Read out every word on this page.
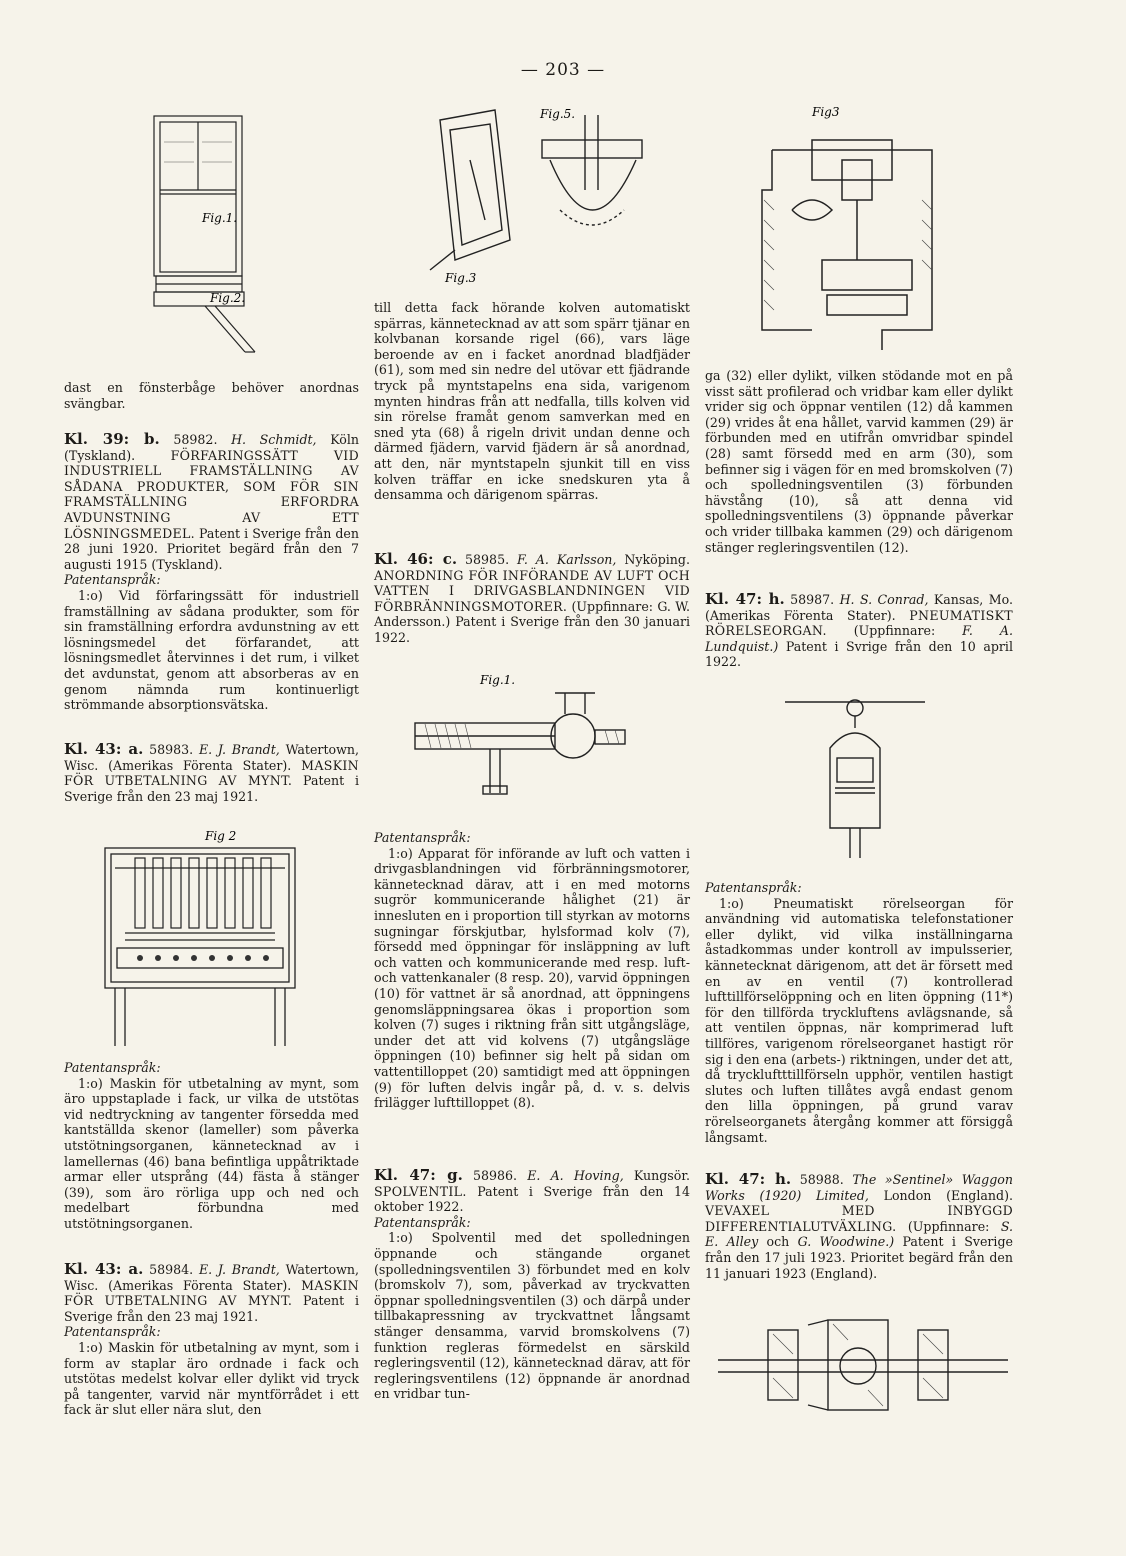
— 203 —
Fig.1.
Fig.2.
Fig 2
Fig.5.
Fig.3
Fig3
Fig.1.

dast en fönsterbåge behöver anordnas svängbar.

Kl. 39: b. 58982. H. Schmidt, Köln (Tyskland).	FÖRFARINGSSÄTT VID INDUSTRIELL FRAMSTÄLLNING AV SÅDANA PRODUKTER, SOM FÖR SIN FRAMSTÄLLNING ERFORDRA AVDUNSTNING AV ETT LÖSNINGSMEDEL. Patent i Sverige från den 28 juni 1920. Prioritet begärd från den 7 augusti 1915 (Tyskland).

Patentanspråk:

1:o) Vid förfaringssätt för industriell framställning av sådana produkter, som för sin framställning erfordra avdunstning av ett lösningsmedel det förfarandet, att lösningsmedlet återvinnes i det rum, i vilket det avdunstat, genom att absorberas av en genom nämnda rum kontinuerligt strömmande absorptionsvätska.

Kl. 43: a. 58983. E. J. Brandt, Watertown, Wisc. (Amerikas Förenta Stater). MASKIN FÖR UTBETALNING AV MYNT. Patent i Sverige från den 23 maj 1921.

Patentanspråk:

1:o) Maskin för utbetalning av mynt, som äro uppstaplade i fack, ur vilka de utstötas vid nedtryckning av tangenter försedda med kantställda skenor (lameller) som påverka utstötningsorganen, kännetecknad av i lamellernas (46) bana befintliga uppåtriktade armar eller utsprång (44) fästa å stänger (39), som äro rörliga upp och ned och medelbart förbundna med utstötningsorganen.

Kl. 43: a. 58984. E. J. Brandt, Watertown, Wisc. (Amerikas Förenta Stater). MASKIN FÖR UTBETALNING AV MYNT. Patent i Sverige från den 23 maj 1921.

Patentanspråk:

1:o) Maskin för utbetalning av mynt, som i form av staplar äro ordnade i fack och utstötas medelst kolvar eller dylikt vid tryck på tangenter, varvid när myntförrådet i ett fack är slut eller nära slut, den

till detta fack hörande kolven automatiskt spärras, kännetecknad av att som spärr tjänar en kolvbanan korsande rigel (66), vars läge beroende av en i facket anordnad bladfjäder (61), som med sin nedre del utövar ett fjädrande tryck på myntstapelns ena sida, varigenom mynten hindras från att nedfalla, tills kolven vid sin rörelse framåt genom samverkan med en sned yta (68) å rigeln drivit undan denne och därmed fjädern, varvid fjädern är så anordnad, att den, när myntstapeln sjunkit till en viss kolven träffar en icke snedskuren yta å densamma och därigenom spärras.

Kl. 46: c. 58985. F. A. Karlsson, Nyköping. ANORDNING FÖR INFÖRANDE AV LUFT OCH VATTEN I DRIVGASBLANDNINGEN VID FÖRBRÄNNINGSMOTORER. (Uppfinnare: G. W. Andersson.) Patent i Sverige från den 30 januari 1922.

Patentanspråk:

1:o) Apparat för införande av luft och vatten i drivgasblandningen vid förbränningsmotorer, kännetecknad därav, att i en med motorns sugrör kommunicerande hålighet (21) är innesluten en i proportion till styrkan av motorns sugningar förskjutbar, hylsformad kolv (7), försedd med öppningar för insläppning av luft och vatten och kommunicerande med resp. luft- och vattenkanaler (8 resp. 20), varvid öppningen (10) för vattnet är så anordnad, att öppningens genomsläppningsarea ökas i proportion som kolven (7) suges i riktning från sitt utgångsläge, under det att vid kolvens (7) utgångsläge öppningen (10) befinner sig helt på sidan om vattentilloppet (20) samtidigt med att öppningen (9) för luften delvis ingår på, d. v. s. delvis frilägger lufttilloppet (8).

Kl. 47: g. 58986. E. A. Hoving, Kungsör. SPOLVENTIL. Patent i Sverige från den 14 oktober 1922.

Patentanspråk:

1:o) Spolventil med det spolledningen öppnande och stängande organet (spolledningsventilen 3) förbundet med en kolv (bromskolv 7), som, påverkad av tryckvatten öppnar spolledningsventilen (3) och därpå under tillbakapressning av tryckvattnet långsamt stänger densamma, varvid bromskolvens (7) funktion regleras förmedelst en särskild regleringsventil (12), kännetecknad därav, att för regleringsventilens (12) öppnande är anordnad en vridbar tun-

ga (32) eller dylikt, vilken stödande mot en på visst sätt profilerad och vridbar kam eller dylikt vrider sig och öppnar ventilen (12) då kammen (29) vrides åt ena hållet, varvid kammen (29) är förbunden med en utifrån omvridbar spindel (28) samt försedd med en arm (30), som befinner sig i vägen för en med bromskolven (7) och spolledningsventilen (3) förbunden hävstång (10), så att denna vid spolledningsventilens (3) öppnande påverkar och vrider tillbaka kammen (29) och därigenom stänger regleringsventilen (12).

Kl. 47: h. 58987. H. S. Conrad, Kansas, Mo. (Amerikas Förenta Stater). PNEUMATISKT RÖRELSEORGAN. (Uppfinnare: F. A. Lundquist.) Patent i Svrige från den 10 april 1922.

Patentanspråk:

1:o) Pneumatiskt rörelseorgan för användning vid automatiska telefonstationer eller dylikt, vid vilka inställningarna åstadkommas under kontroll av impulsserier, kännetecknat därigenom, att det är försett med en av en ventil (7) kontrollerad lufttillförselöppning och en liten öppning (11*) för den tillförda tryckluftens avlägsnande, så att ventilen öppnas, när komprimerad luft tillföres, varigenom rörelseorganet hastigt rör sig i den ena (arbets-) riktningen, under det att, då tryckluftttillförseln upphör, ventilen hastigt slutes och luften tillåtes avgå endast genom den lilla öppningen, på grund varav rörelseorganets återgång kommer att försiggå långsamt.

Kl. 47: h. 58988. The »Sentinel» Waggon Works (1920) Limited, London (England). VEVAXEL MED INBYGGD DIFFERENTIALUTVÄXLING. (Uppfinnare: S. E. Alley och G. Woodwine.) Patent i Sverige från den 17 juli 1923. Prioritet begärd från den 11 januari 1923 (England).
